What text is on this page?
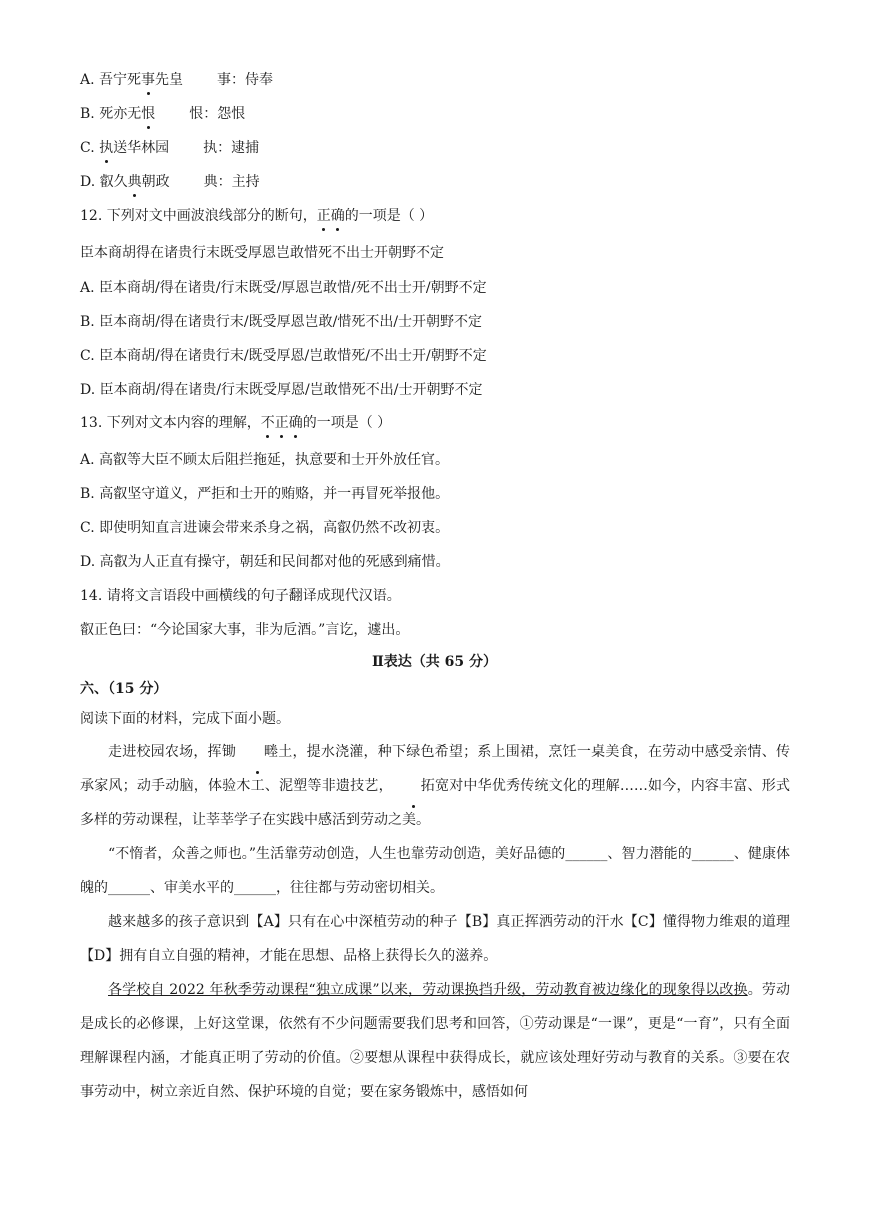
A. 吾宁死事先皇 事：侍奉
B. 死亦无恨 恨：怨恨
C. 执送华林园 执：逮捕
D. 叡久典朝政 典：主持
12. 下列对文中画波浪线部分的断句，正确的一项是（ ）
臣本商胡得在诸贵行末既受厚恩岂敢惜死不出士开朝野不定
A. 臣本商胡/得在诸贵/行末既受/厚恩岂敢惜/死不出士开/朝野不定
B. 臣本商胡/得在诸贵行末/既受厚恩岂敢/惜死不出/士开朝野不定
C. 臣本商胡/得在诸贵行末/既受厚恩/岂敢惜死/不出士开/朝野不定
D. 臣本商胡/得在诸贵/行末既受厚恩/岂敢惜死不出/士开朝野不定
13. 下列对文本内容的理解，不正确的一项是（ ）
A. 高叡等大臣不顾太后阻拦拖延，执意要和士开外放任官。
B. 高叡坚守道义，严拒和士开的贿赂，并一再冒死举报他。
C. 即使明知直言进谏会带来杀身之祸，高叡仍然不改初衷。
D. 高叡为人正直有操守，朝廷和民间都对他的死感到痛惜。
14. 请将文言语段中画横线的句子翻译成现代汉语。
叡正色曰：“今论国家大事，非为卮酒。”言讫，遽出。
Ⅱ表达（共 65 分）
六、（15 分）
阅读下面的材料，完成下面小题。

走进校园农场，挥锄 畻土，提水浇灌，种下绿色希望；系上围裙，烹饪一桌美食，在劳动中感受亲情、传承家风；动手动脑，体验木工、泥塑等非遗技艺， 拓宽对中华优秀传统文化的理解……如今，内容丰富、形式多样的劳动课程，让莘莘学子在实践中感活到劳动之美。

“不惰者，众善之师也。”生活靠劳动创造，人生也靠劳动创造，美好品德的______、智力潜能的______、健康体魄的______、审美水平的______，往往都与劳动密切相关。

越来越多的孩子意识到【A】只有在心中深植劳动的种子【B】真正挥洒劳动的汗水【C】懂得物力维艰的道理【D】拥有自立自强的精神，才能在思想、品格上获得长久的滋养。

各学校自 2022 年秋季劳动课程“独立成课”以来，劳动课换挡升级，劳动教育被边缘化的现象得以改换。劳动是成长的必修课，上好这堂课，依然有不少问题需要我们思考和回答，①劳动课是“一课”，更是“一育”，只有全面理解课程内涵，才能真正明了劳动的价值。②要想从课程中获得成长，就应该处理好劳动与教育的关系。③要在农事劳动中，树立亲近自然、保护环境的自觉；要在家务锻炼中，感悟如何
